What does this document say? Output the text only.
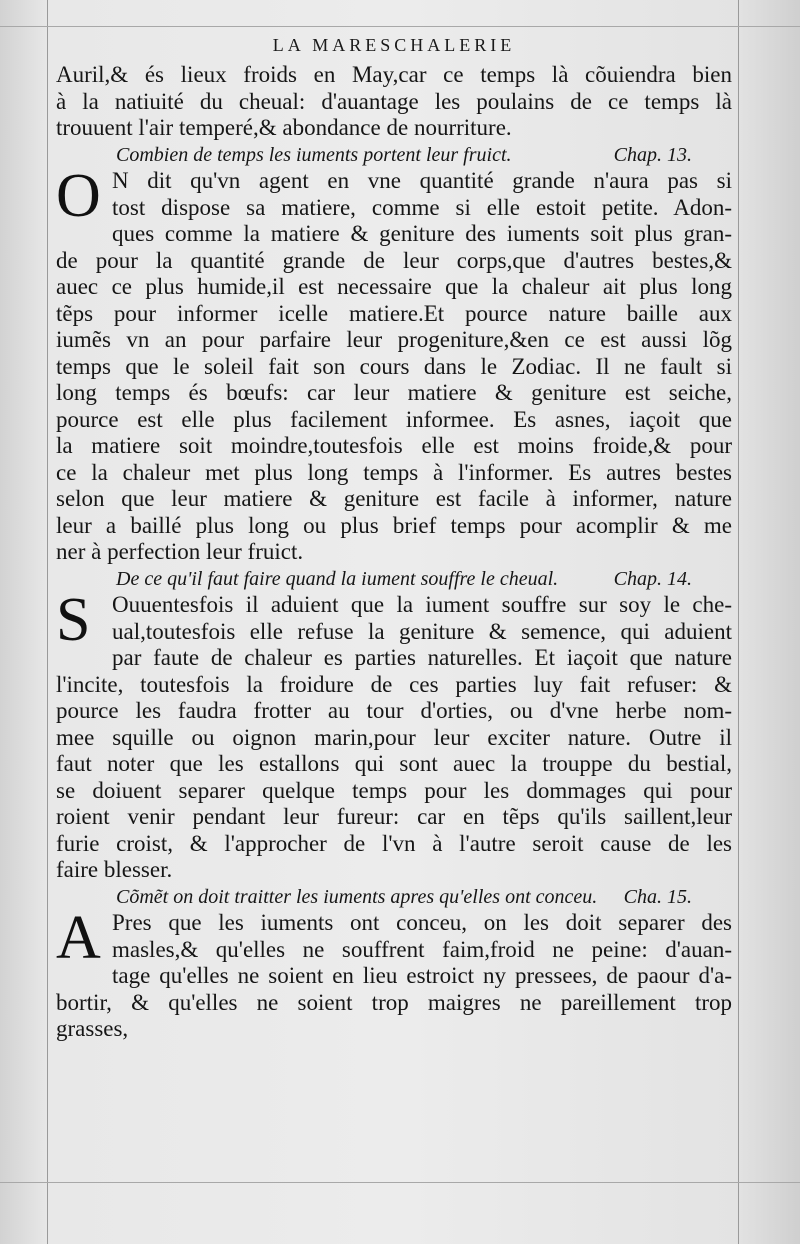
LA MARESCHALERIE
Auril,& és lieux froids en May,car ce temps là cõuiendra bien
à la natiuité du cheual: d'auantage les poulains de ce temps là
trouuent l'air temperé,& abondance de nourriture.
Combien de temps les iuments portent leur fruict.	Chap. 13.
O N dit qu'vn agent en vne quantité grande n'aura pas si
tost dispose sa matiere, comme si elle estoit petite. Adon-
ques comme la matiere & geniture des iuments soit plus gran-
de pour la quantité grande de leur corps,que d'autres bestes,&
auec ce plus humide,il est necessaire que la chaleur ait plus long
tẽps pour informer icelle matiere.Et pource nature baille aux
iumẽs vn an pour parfaire leur progeniture,&en ce est aussi lõg
temps que le soleil fait son cours dans le Zodiac. Il ne fault si
long temps és bœufs: car leur matiere & geniture est seiche,
pource est elle plus facilement informee. Es asnes, iaçoit que
la matiere soit moindre,toutesfois elle est moins froide,& pour
ce la chaleur met plus long temps à l'informer. Es autres bestes
selon que leur matiere & geniture est facile à informer, nature
leur a baillé plus long ou plus brief temps pour acomplir & me
ner à perfection leur fruict.
De ce qu'il faut faire quand la iument souffre le cheual.	Chap. 14.
S Ouuentesfois il aduient que la iument souffre sur soy le che-
ual,toutesfois elle refuse la geniture & semence, qui aduient
par faute de chaleur es parties naturelles. Et iaçoit que nature
l'incite, toutesfois la froidure de ces parties luy fait refuser: &
pource les faudra frotter au tour d'orties, ou d'vne herbe nom-
mee squille ou oignon marin,pour leur exciter nature. Outre il
faut noter que les estallons qui sont auec la trouppe du bestial,
se doiuent separer quelque temps pour les dommages qui pour
roient venir pendant leur fureur: car en tẽps qu'ils saillent,leur
furie croist, & l'approcher de l'vn à l'autre seroit cause de les
faire blesser.
Cõmẽt on doit traitter les iuments apres qu'elles ont conceu. Cha. 15.
A Pres que les iuments ont conceu, on les doit separer des
masles,& qu'elles ne souffrent faim,froid ne peine: d'auan-
tage qu'elles ne soient en lieu estroict ny pressees, de paour d'a-
bortir, & qu'elles ne soient trop maigres ne pareillement trop
grasses,
